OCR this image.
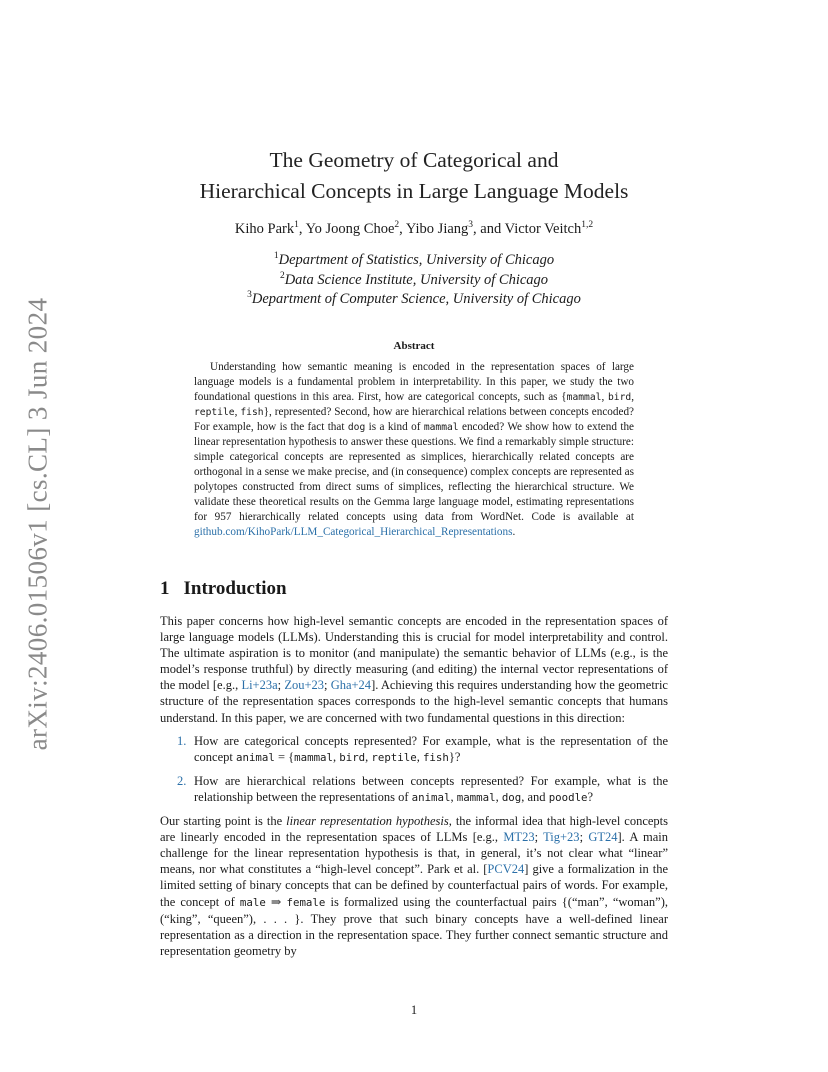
arXiv:2406.01506v1 [cs.CL] 3 Jun 2024
The Geometry of Categorical and
Hierarchical Concepts in Large Language Models
Kiho Park$^1$, Yo Joong Choe$^2$, Yibo Jiang$^3$, and Victor Veitch$^{1,2}$
$^1$Department of Statistics, University of Chicago
$^2$Data Science Institute, University of Chicago
$^3$Department of Computer Science, University of Chicago
Abstract

Understanding how semantic meaning is encoded in the representation spaces of large language models is a fundamental problem in interpretability. In this paper, we study the two foundational questions in this area. First, how are categorical concepts, such as {mammal, bird, reptile, fish}, represented? Second, how are hierarchical relations between concepts encoded? For example, how is the fact that dog is a kind of mammal encoded? We show how to extend the linear representation hypothesis to answer these questions. We find a remarkably simple structure: simple categorical concepts are represented as simplices, hierarchically related concepts are orthogonal in a sense we make precise, and (in consequence) complex concepts are represented as polytopes constructed from direct sums of simplices, reflecting the hierarchical structure. We validate these theoretical results on the Gemma large language model, estimating representations for 957 hierarchically related concepts using data from WordNet. Code is available at github.com/KihoPark/LLM_Categorical_Hierarchical_Representations.

1 Introduction

This paper concerns how high-level semantic concepts are encoded in the representation spaces of large language models (LLMs). Understanding this is crucial for model interpretability and control. The ultimate aspiration is to monitor (and manipulate) the semantic behavior of LLMs (e.g., is the model’s response truthful) by directly measuring (and editing) the internal vector representations of the model [e.g., Li+23a; Zou+23; Gha+24]. Achieving this requires understanding how the geometric structure of the representation spaces corresponds to the high-level semantic concepts that humans understand. In this paper, we are concerned with two fundamental questions in this direction:

1. How are categorical concepts represented? For example, what is the representation of the concept animal = {mammal, bird, reptile, fish}?
2. How are hierarchical relations between concepts represented? For example, what is the relationship between the representations of animal, mammal, dog, and poodle?

Our starting point is the linear representation hypothesis, the informal idea that high-level concepts are linearly encoded in the representation spaces of LLMs [e.g., MT23; Tig+23; GT24]. A main challenge for the linear representation hypothesis is that, in general, it’s not clear what “linear” means, nor what constitutes a “high-level concept”. Park et al. [PCV24] give a formalization in the limited setting of binary concepts that can be defined by counterfactual pairs of words. For example, the concept of male ⇒ female is formalized using the counterfactual pairs {(“man”, “woman”), (“king”, “queen”), . . . }. They prove that such binary concepts have a well-defined linear representation as a direction in the representation space. They further connect semantic structure and representation geometry by

1
